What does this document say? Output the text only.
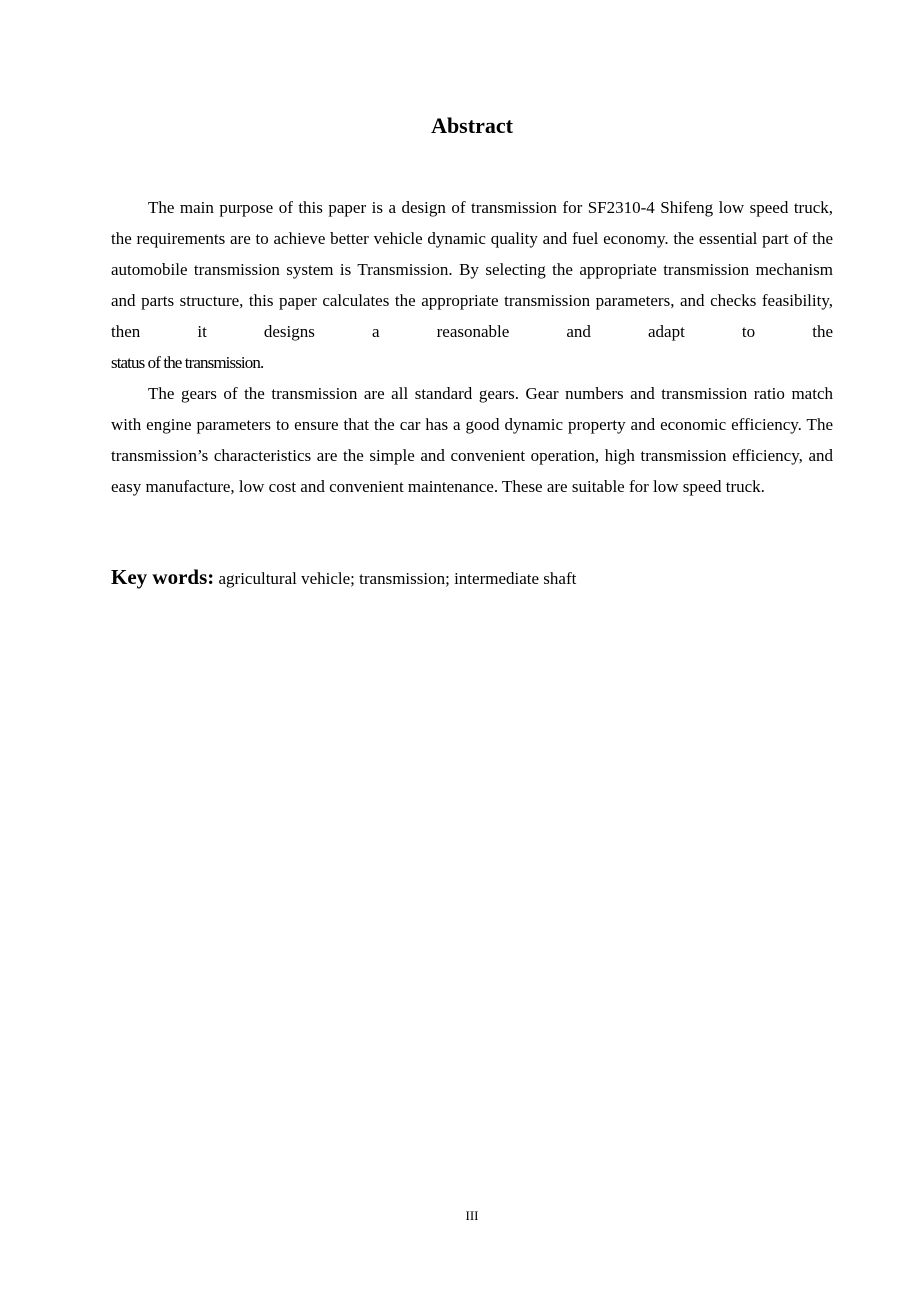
Abstract

The main purpose of this paper is a design of transmission for SF2310-4 Shifeng low speed truck, the requirements are to achieve better vehicle dynamic quality and fuel economy. the essential part of the automobile transmission system is Transmission. By selecting the appropriate transmission mechanism and parts structure, this paper calculates the appropriate transmission parameters, and checks feasibility, then it designs a reasonable and adapt to the

status of the transmission.

The gears of the transmission are all standard gears. Gear numbers and transmission ratio match with engine parameters to ensure that the car has a good dynamic property and economic efficiency. The transmission’s characteristics are the simple and convenient operation, high transmission efficiency, and easy manufacture, low cost and convenient maintenance. These are suitable for low speed truck.

Key words: agricultural vehicle; transmission; intermediate shaft
III
